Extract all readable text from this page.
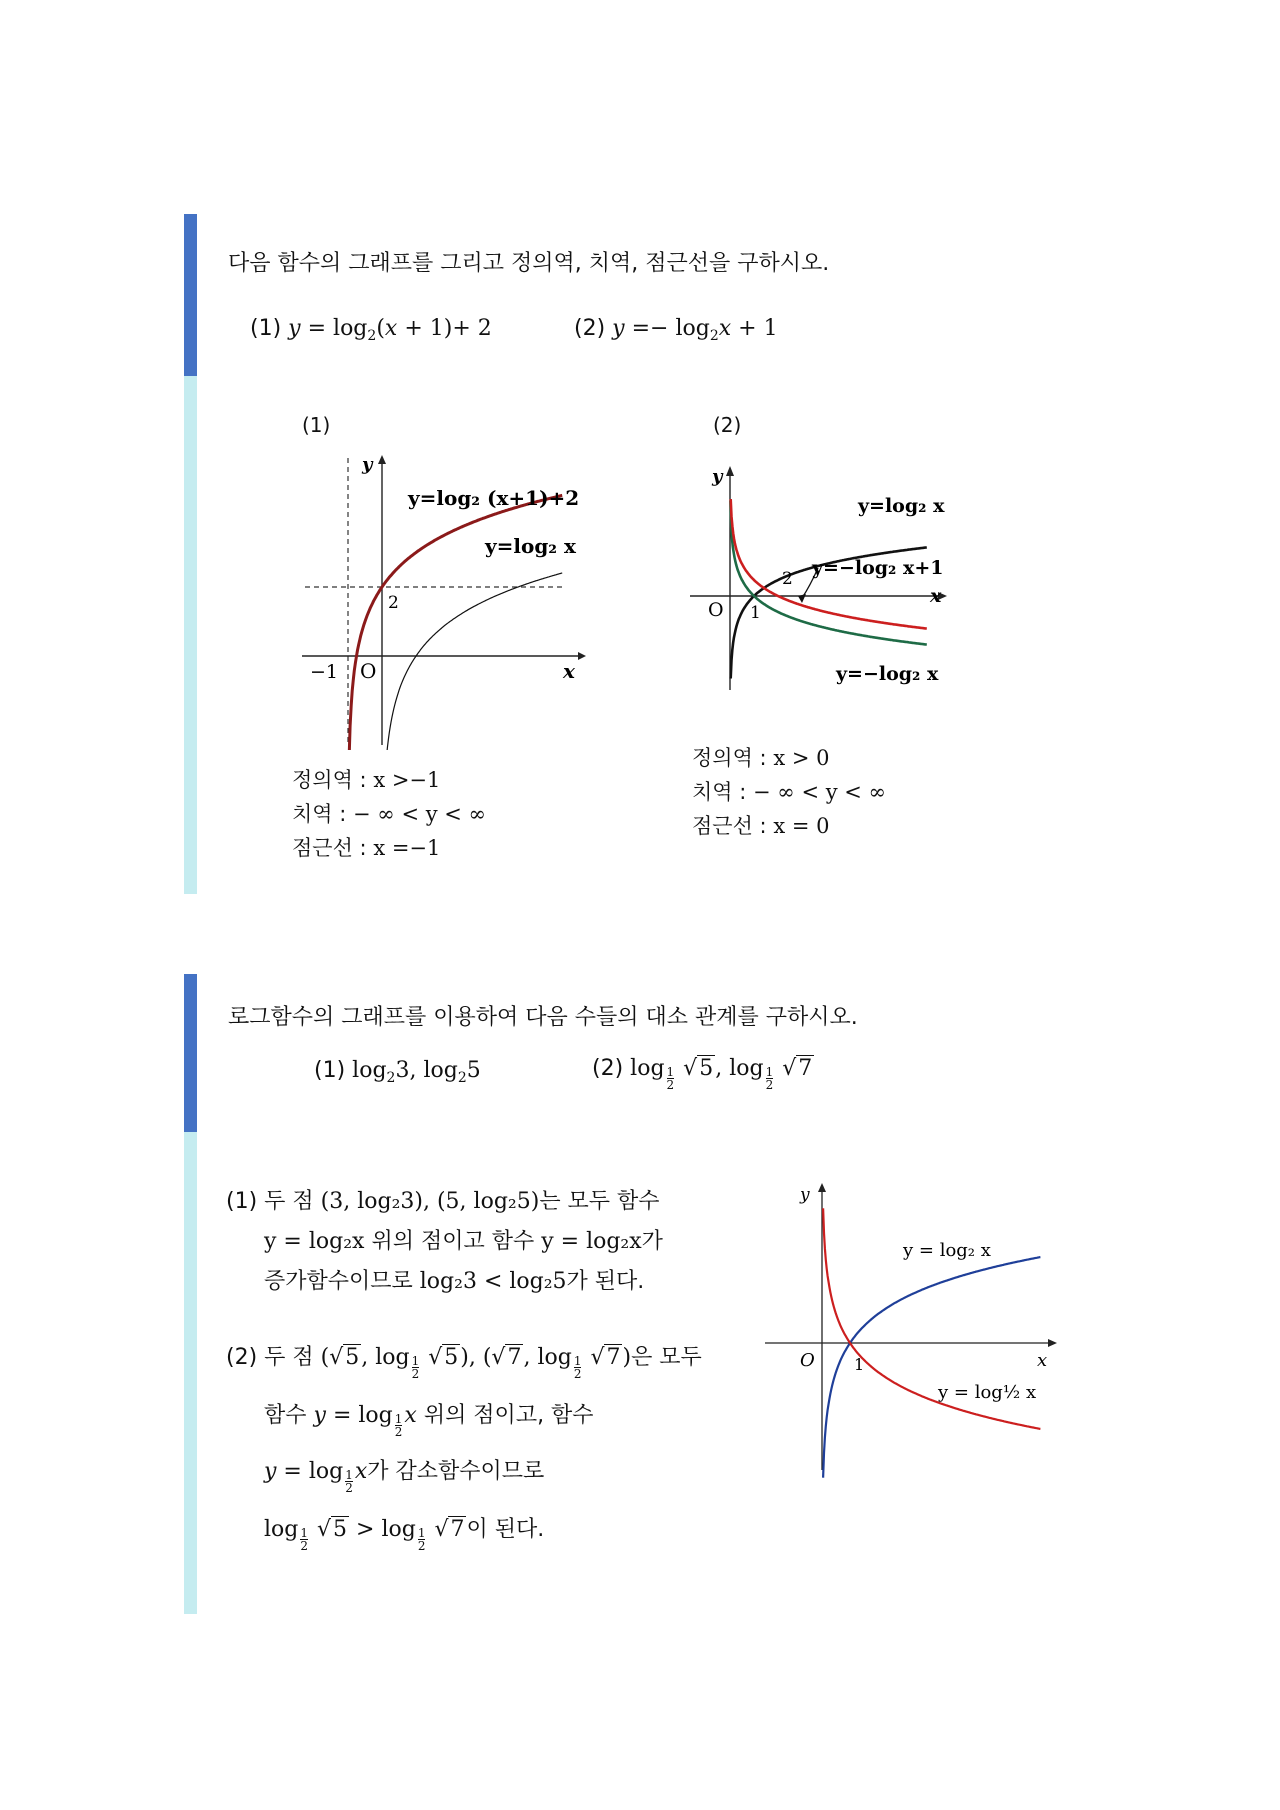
다음 함수의 그래프를 그리고 정의역, 치역, 점근선을 구하시오.
(1) $y = \log_2(x + 1)+ 2$	(2) $y =- \log_2x + 1$
(1)	(2)
x
y
O
−1
2
y=log₂ (x+1)+2
y=log₂ x
x
y
O 1
2
y=log₂ x
y=−log₂ x+1
y=−log₂ x
정의역 : x >−1
치역 : − ∞ < y < ∞
점근선 : x =−1
정의역 : x > 0
치역 : − ∞ < y < ∞
점근선 : x = 0
로그함수의 그래프를 이용하여 다음 수들의 대소 관계를 구하시오.
(1) $\log_23$, $\log_25$	(2) log 1
2
√5, log 1
2
√7
(1) 두 점 (3, log₂3), (5, log₂5)는 모두 함수
y = log₂x 위의 점이고 함수 y = log₂x가
증가함수이므로 log₂3 < log₂5가 된다.
(2) 두 점 (√5, log 1
2
√5), (√7, log 1
2
√7)은 모두
함수 y = log 1
2
x 위의 점이고, 함수
y = log 1
2
x가 감소함수이므로
log 1
2
√5 > log 1
2
√7이 된다.
x
y
O 1
y = log₂ x
y = log½ x
